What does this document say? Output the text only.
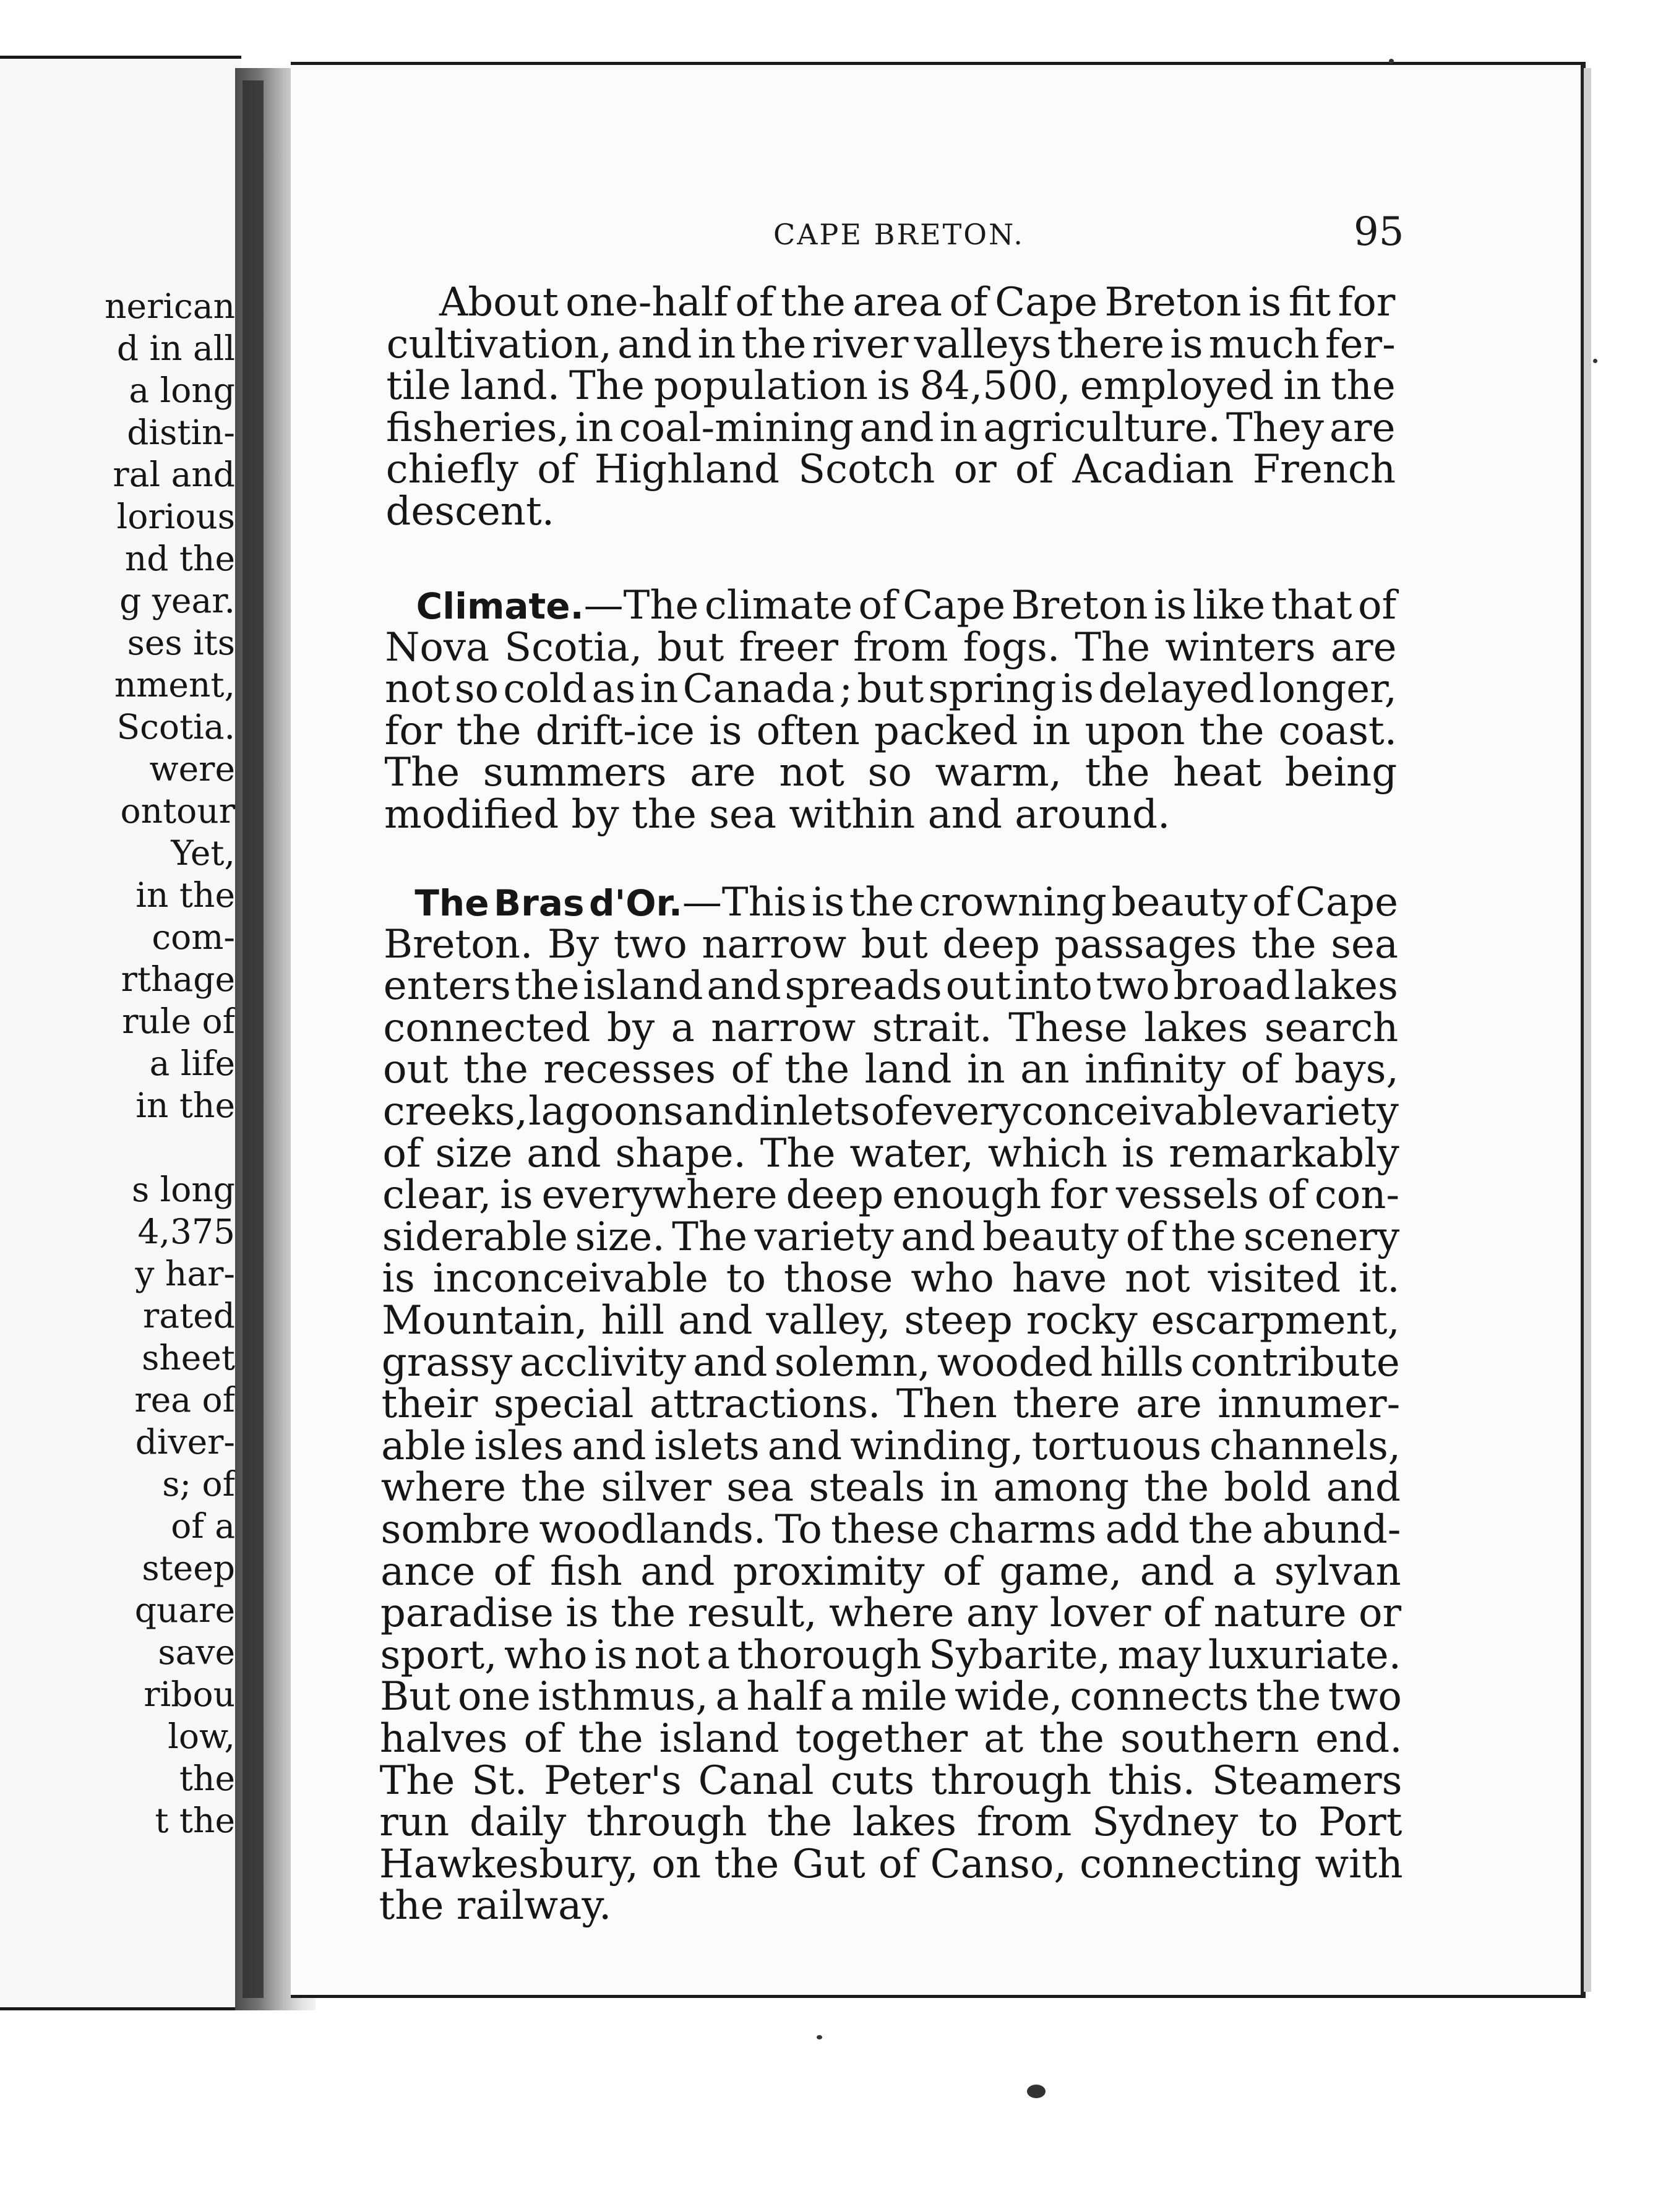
nerican
d in all
a long
distin-
ral and
lorious
nd the
g year.
ses its
nment,
Scotia.
were
ontour
Yet,
in the
com-
rthage
rule of
a life
in the
s long
4,375
y har-
rated
sheet
rea of
diver-
s; of
of a
steep
quare
save
ribou
low,
the
t the
CAPE BRETON.	95
About one-half of the area of Cape Breton is fit for
cultivation, and in the river valleys there is much fer-
tile land. The population is 84,500, employed in the
fisheries, in coal-mining and in agriculture. They are
chiefly of Highland Scotch or of Acadian French
descent.
Climate.—The climate of Cape Breton is like that of
Nova Scotia, but freer from fogs. The winters are
not so cold as in Canada ; but spring is delayed longer,
for the drift-ice is often packed in upon the coast.
The summers are not so warm, the heat being
modified by the sea within and around.
The Bras d'Or.—This is the crowning beauty of Cape
Breton. By two narrow but deep passages the sea
enters the island and spreads out into two broad lakes
connected by a narrow strait. These lakes search
out the recesses of the land in an infinity of bays,
creeks, lagoons and inlets of every conceivable variety
of size and shape. The water, which is remarkably
clear, is everywhere deep enough for vessels of con-
siderable size. The variety and beauty of the scenery
is inconceivable to those who have not visited it.
Mountain, hill and valley, steep rocky escarpment,
grassy acclivity and solemn, wooded hills contribute
their special attractions. Then there are innumer-
able isles and islets and winding, tortuous channels,
where the silver sea steals in among the bold and
sombre woodlands. To these charms add the abund-
ance of fish and proximity of game, and a sylvan
paradise is the result, where any lover of nature or
sport, who is not a thorough Sybarite, may luxuriate.
But one isthmus, a half a mile wide, connects the two
halves of the island together at the southern end.
The St. Peter's Canal cuts through this. Steamers
run daily through the lakes from Sydney to Port
Hawkesbury, on the Gut of Canso, connecting with
the railway.
